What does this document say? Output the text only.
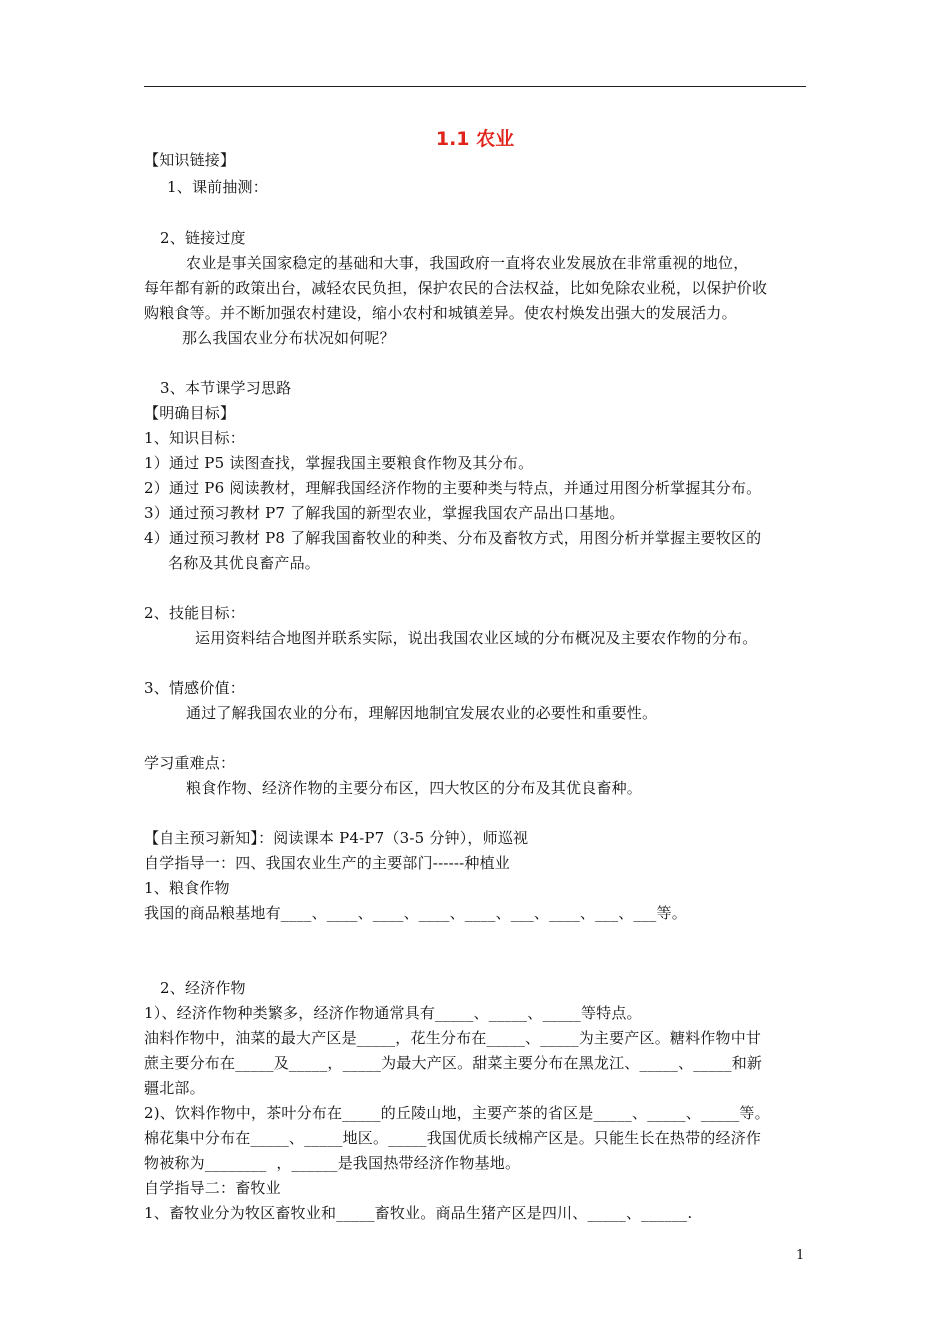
1.1 农业
【知识链接】
1、课前抽测：
2、链接过度
农业是事关国家稳定的基础和大事，我国政府一直将农业发展放在非常重视的地位，
每年都有新的政策出台，减轻农民负担，保护农民的合法权益，比如免除农业税，以保护价收
购粮食等。并不断加强农村建设，缩小农村和城镇差异。使农村焕发出强大的发展活力。
那么我国农业分布状况如何呢？
3、本节课学习思路
【明确目标】
1、知识目标：
1）通过 P5 读图查找，掌握我国主要粮食作物及其分布。
2）通过 P6 阅读教材，理解我国经济作物的主要种类与特点，并通过用图分析掌握其分布。
3）通过预习教材 P7 了解我国的新型农业，掌握我国农产品出口基地。
4）通过预习教材 P8 了解我国畜牧业的种类、分布及畜牧方式，用图分析并掌握主要牧区的
名称及其优良畜产品。
2、技能目标：
运用资料结合地图并联系实际，说出我国农业区域的分布概况及主要农作物的分布。
3、情感价值：
通过了解我国农业的分布，理解因地制宜发展农业的必要性和重要性。
学习重难点：
粮食作物、经济作物的主要分布区，四大牧区的分布及其优良畜种。
【自主预习新知】：阅读课本 P4-P7（3-5 分钟），师巡视
自学指导一：四、我国农业生产的主要部门------种植业
1、粮食作物
我国的商品粮基地有____、____、____、____、____、___、____、___、___等。
2、经济作物
1）、经济作物种类繁多，经济作物通常具有_____、_____、_____等特点。
油料作物中，油菜的最大产区是_____，花生分布在_____、_____为主要产区。糖料作物中甘
蔗主要分布在_____及_____，_____为最大产区。甜菜主要分布在黑龙江、_____、_____和新
疆北部。
2)、饮料作物中，茶叶分布在_____的丘陵山地，主要产茶的省区是_____、_____、_____等。
棉花集中分布在_____、_____地区。_____我国优质长绒棉产区是。只能生长在热带的经济作
物被称为________  ，______是我国热带经济作物基地。
自学指导二：畜牧业
1、畜牧业分为牧区畜牧业和_____畜牧业。商品生猪产区是四川、_____、______.
1
